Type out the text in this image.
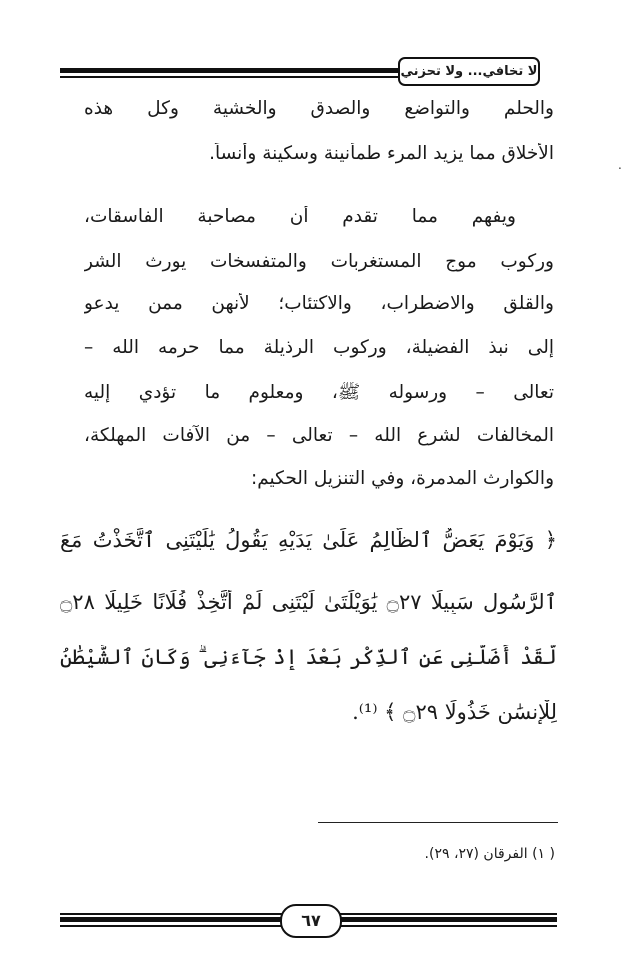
لا تخافي... ولا تحزني
.
والحلم والتواضع والصدق والخشية وكل هذه
الأخلاق مما يزيد المرء طمأنينة وسكينة وأنساً.
ويفهم مما تقدم أن مصاحبة الفاسقات،
وركوب موج المستغربات والمتفسخات يورث الشر
والقلق والاضطراب، والاكتئاب؛ لأنهن ممن يدعو
إلى نبذ الفضيلة، وركوب الرذيلة مما حرمه الله –
تعالى – ورسوله ﷺ، ومعلوم ما تؤدي إليه
المخالفات لشرع الله – تعالى – من الآفات المهلكة،
والكوارث المدمرة، وفي التنزيل الحكيم:
﴿ وَيَوْمَ يَعَضُّ ٱلظَّالِمُ عَلَىٰ يَدَيْهِ يَقُولُ يَٰلَيْتَنِى ٱتَّخَذْتُ مَعَ
ٱلرَّسُولِ سَبِيلًا ۝٢٧ يَٰوَيْلَتَىٰ لَيْتَنِى لَمْ أَتَّخِذْ فُلَانًا خَلِيلًا ۝٢٨
لَّقَدْ أَضَلَّنِى عَنِ ٱلذِّكْرِ بَعْدَ إِذْ جَآءَنِى ۗ وَكَانَ ٱلشَّيْطَٰنُ
لِلْإِنسَٰنِ خَذُولًا ۝٢٩ ﴾ ⁽¹⁾.
( ١) الفرقان (٢٧، ٢٩).
٦٧
